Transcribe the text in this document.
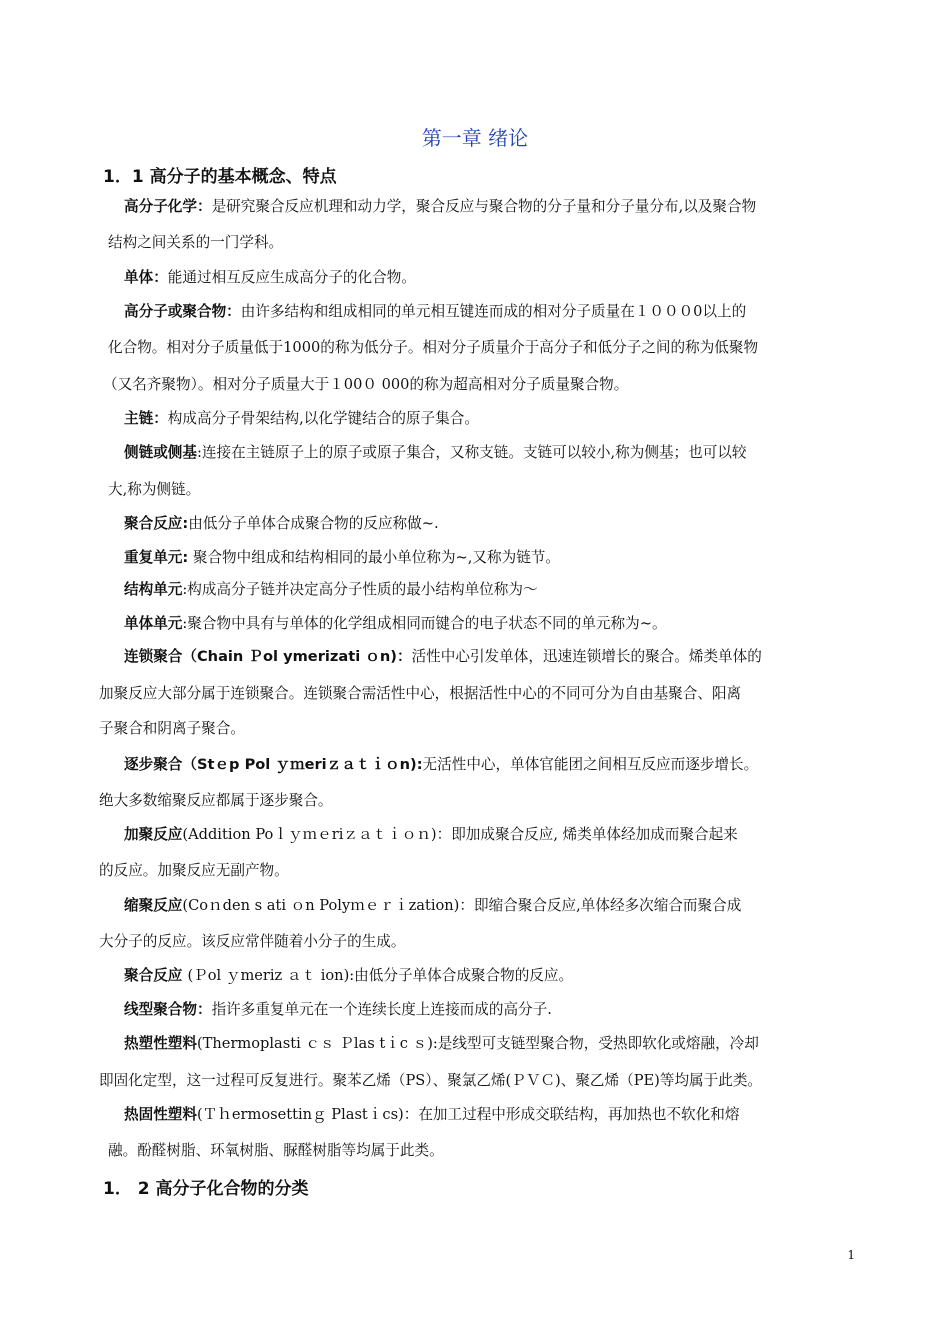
第一章 绪论
1．1 高分子的基本概念、特点
高分子化学：是研究聚合反应机理和动力学，聚合反应与聚合物的分子量和分子量分布,以及聚合物
结构之间关系的一门学科。
单体：能通过相互反应生成高分子的化合物。
高分子或聚合物：由许多结构和组成相同的单元相互键连而成的相对分子质量在１０００0以上的
化合物。相对分子质量低于1000的称为低分子。相对分子质量介于高分子和低分子之间的称为低聚物
（又名齐聚物）。相对分子质量大于１00０ 000的称为超高相对分子质量聚合物。
主链：构成高分子骨架结构,以化学键结合的原子集合。
侧链或侧基:连接在主链原子上的原子或原子集合，又称支链。支链可以较小,称为侧基；也可以较
大,称为侧链。
聚合反应:由低分子单体合成聚合物的反应称做~.
重复单元: 聚合物中组成和结构相同的最小单位称为~,又称为链节。
结构单元:构成高分子链并决定高分子性质的最小结构单位称为～
单体单元:聚合物中具有与单体的化学组成相同而键合的电子状态不同的单元称为~。
连锁聚合（Chain Ｐol ymerizati ｏn)：活性中心引发单体，迅速连锁增长的聚合。烯类单体的
加聚反应大部分属于连锁聚合。连锁聚合需活性中心，根据活性中心的不同可分为自由基聚合、阳离
子聚合和阴离子聚合。
逐步聚合（Stｅp Pol ｙｍeriｚａｔｉｏn):无活性中心，单体官能团之间相互反应而逐步增长。
绝大多数缩聚反应都属于逐步聚合。
加聚反应(Addition Poｌｙｍｅriｚａｔｉｏｎ)：即加成聚合反应, 烯类单体经加成而聚合起来
的反应。加聚反应无副产物。
缩聚反应(Coｎden s ati ｏn Polyｍｅｒｉzation)：即缩合聚合反应,单体经多次缩合而聚合成
大分子的反应。该反应常伴随着小分子的生成。
聚合反应 (Ｐol ｙmeriz ａｔ ion):由低分子单体合成聚合物的反应。
线型聚合物：指许多重复单元在一个连续长度上连接而成的高分子.
热塑性塑料(Thermoplasti ｃｓ Ｐlas tｉc ｓ):是线型可支链型聚合物，受热即软化或熔融，冷却
即固化定型，这一过程可反复进行。聚苯乙烯（PS）、聚氯乙烯(ＰＶＣ)、聚乙烯（PE)等均属于此类。
热固性塑料(Ｔｈermosettinｇ Plastｉcs)：在加工过程中形成交联结构，再加热也不软化和熔
融。酚醛树脂、环氧树脂、脲醛树脂等均属于此类。
1． 2 高分子化合物的分类
1
